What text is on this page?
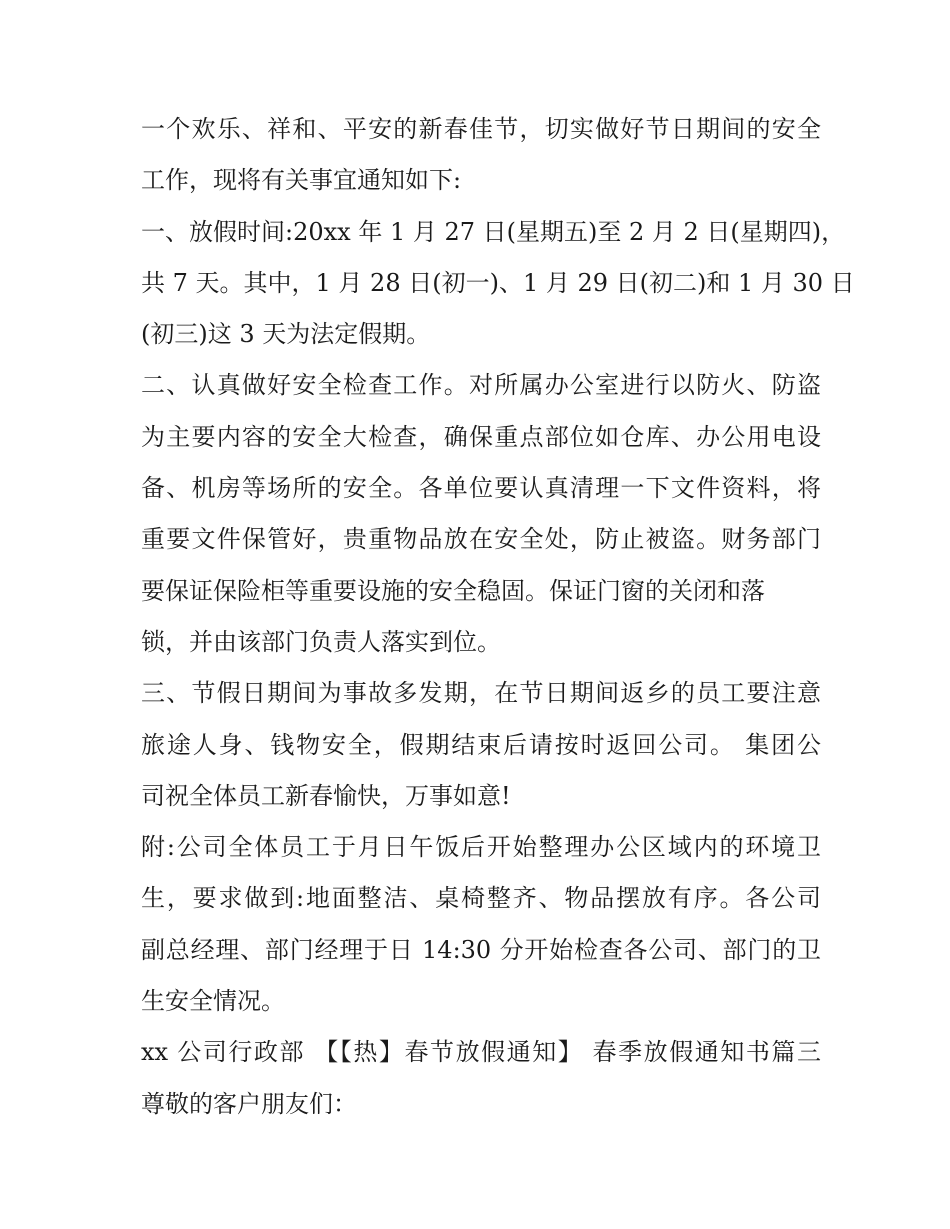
一个欢乐、祥和、平安的新春佳节，切实做好节日期间的安全
工作，现将有关事宜通知如下:
一、放假时间:20xx 年 1 月 27 日(星期五)至 2 月 2 日(星期四)，
共 7 天。其中，1 月 28 日(初一)、1 月 29 日(初二)和 1 月 30 日
(初三)这 3 天为法定假期。
二、认真做好安全检查工作。对所属办公室进行以防火、防盗
为主要内容的安全大检查，确保重点部位如仓库、办公用电设
备、机房等场所的安全。各单位要认真清理一下文件资料，将
重要文件保管好，贵重物品放在安全处，防止被盗。财务部门
要保证保险柜等重要设施的安全稳固。保证门窗的关闭和落
锁，并由该部门负责人落实到位。
三、节假日期间为事故多发期，在节日期间返乡的员工要注意
旅途人身、钱物安全，假期结束后请按时返回公司。 集团公
司祝全体员工新春愉快，万事如意!
附:公司全体员工于月日午饭后开始整理办公区域内的环境卫
生，要求做到:地面整洁、桌椅整齐、物品摆放有序。各公司
副总经理、部门经理于日 14:30 分开始检查各公司、部门的卫
生安全情况。
xx 公司行政部 【【热】春节放假通知】 春季放假通知书篇三
尊敬的客户朋友们：
